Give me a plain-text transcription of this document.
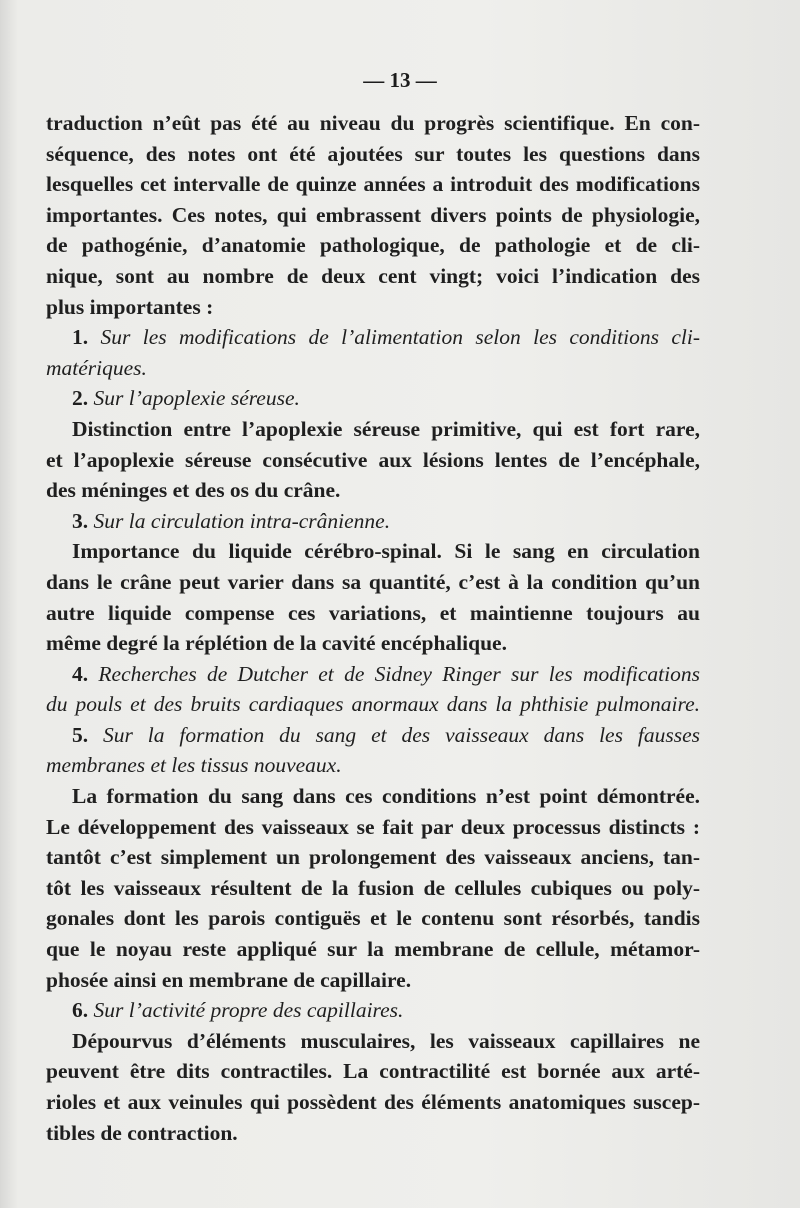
— 13 —
traduction n’eût pas été au niveau du progrès scientifique. En con-
séquence, des notes ont été ajoutées sur toutes les questions dans
lesquelles cet intervalle de quinze années a introduit des modifications
importantes. Ces notes, qui embrassent divers points de physiologie,
de pathogénie, d’anatomie pathologique, de pathologie et de cli-
nique, sont au nombre de deux cent vingt; voici l’indication des
plus importantes :
1. Sur les modifications de l’alimentation selon les conditions cli-
matériques.
2. Sur l’apoplexie séreuse.
Distinction entre l’apoplexie séreuse primitive, qui est fort rare,
et l’apoplexie séreuse consécutive aux lésions lentes de l’encéphale,
des méninges et des os du crâne.
3. Sur la circulation intra-crânienne.
Importance du liquide cérébro-spinal. Si le sang en circulation
dans le crâne peut varier dans sa quantité, c’est à la condition qu’un
autre liquide compense ces variations, et maintienne toujours au
même degré la réplétion de la cavité encéphalique.
4. Recherches de Dutcher et de Sidney Ringer sur les modifications
du pouls et des bruits cardiaques anormaux dans la phthisie pulmonaire.
5. Sur la formation du sang et des vaisseaux dans les fausses
membranes et les tissus nouveaux.
La formation du sang dans ces conditions n’est point démontrée.
Le développement des vaisseaux se fait par deux processus distincts :
tantôt c’est simplement un prolongement des vaisseaux anciens, tan-
tôt les vaisseaux résultent de la fusion de cellules cubiques ou poly-
gonales dont les parois contiguës et le contenu sont résorbés, tandis
que le noyau reste appliqué sur la membrane de cellule, métamor-
phosée ainsi en membrane de capillaire.
6. Sur l’activité propre des capillaires.
Dépourvus d’éléments musculaires, les vaisseaux capillaires ne
peuvent être dits contractiles. La contractilité est bornée aux arté-
rioles et aux veinules qui possèdent des éléments anatomiques suscep-
tibles de contraction.
